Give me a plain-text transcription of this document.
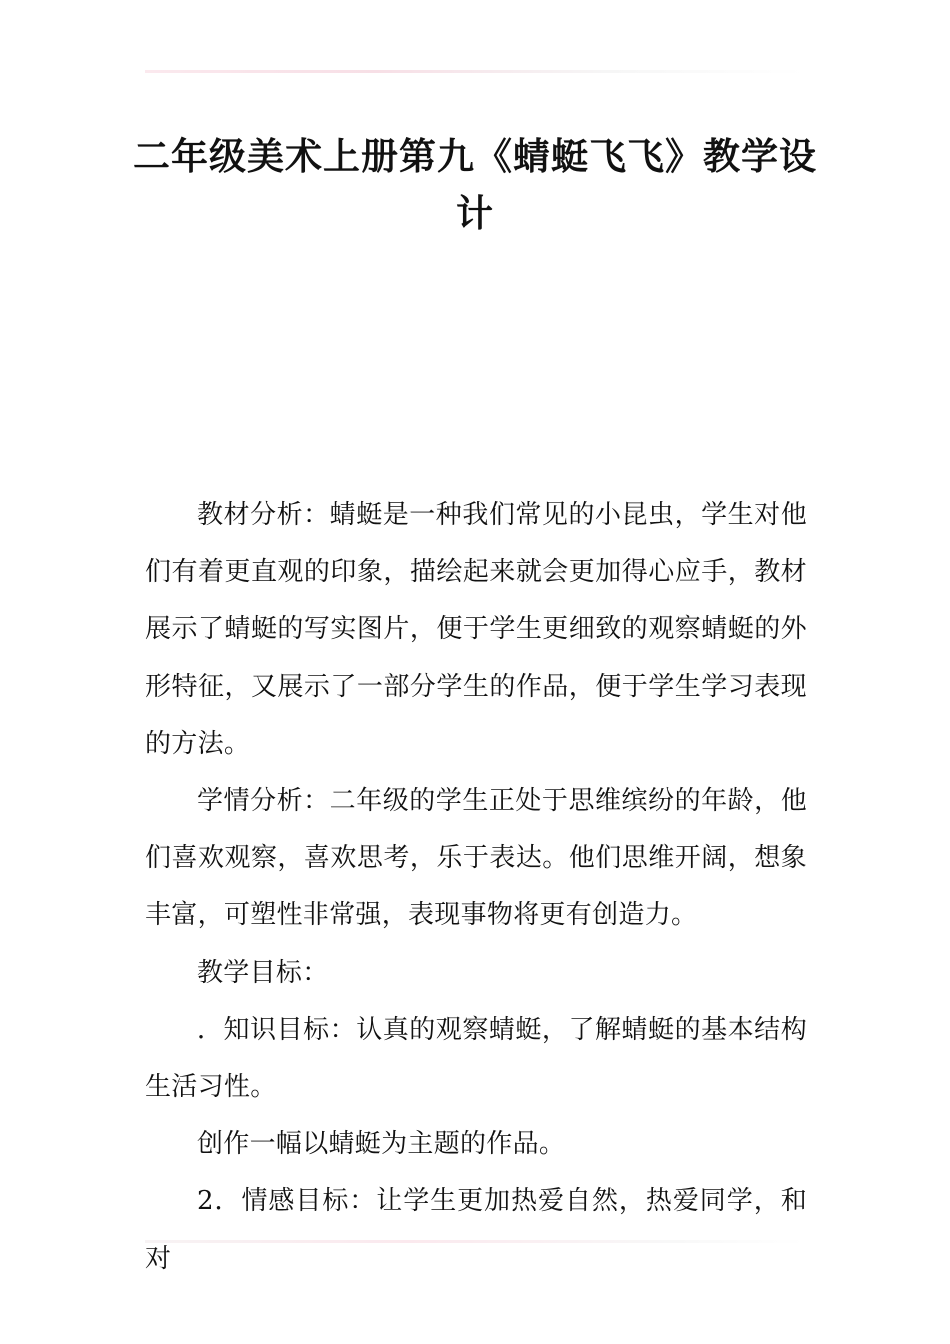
二年级美术上册第九《蜻蜓飞飞》教学设计

教材分析：蜻蜓是一种我们常见的小昆虫，学生对他们有着更直观的印象，描绘起来就会更加得心应手，教材展示了蜻蜓的写实图片，便于学生更细致的观察蜻蜓的外形特征，又展示了一部分学生的作品，便于学生学习表现的方法。

学情分析：二年级的学生正处于思维缤纷的年龄，他们喜欢观察，喜欢思考，乐于表达。他们思维开阔，想象丰富，可塑性非常强，表现事物将更有创造力。

教学目标：

．知识目标：认真的观察蜻蜓，了解蜻蜓的基本结构生活习性。

创作一幅以蜻蜓为主题的作品。

2．情感目标：让学生更加热爱自然，热爱同学，和对
